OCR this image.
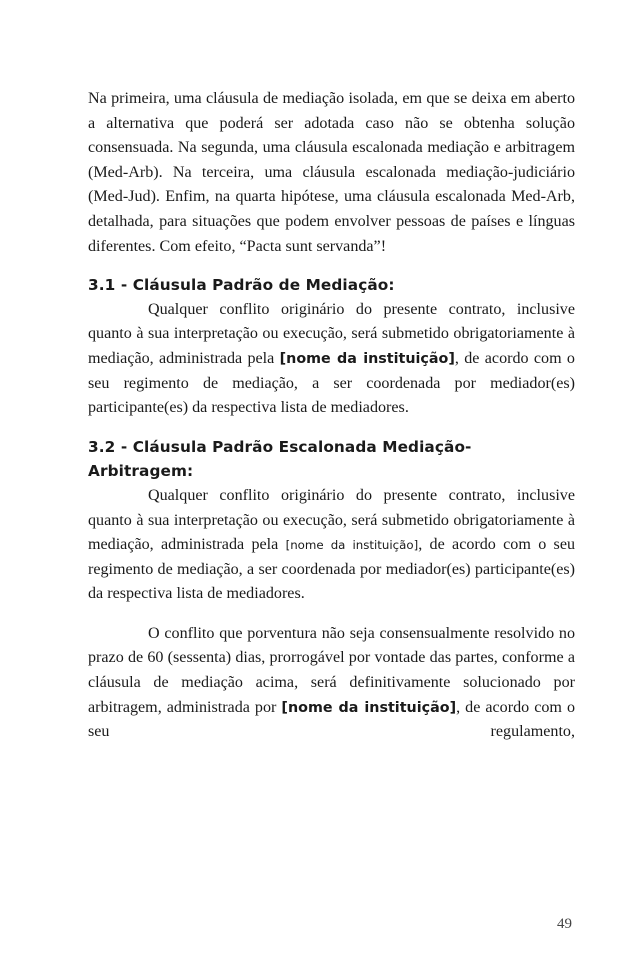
Na primeira, uma cláusula de mediação isolada, em que se deixa em aberto a alternativa que poderá ser adotada caso não se obtenha solução consensuada. Na segunda, uma cláusula escalonada mediação e arbitragem (Med-Arb). Na terceira, uma cláusula escalonada mediação-judiciário (Med-Jud). Enfim, na quarta hipótese, uma cláusula escalonada Med-Arb, detalhada, para situações que podem envolver pessoas de países e línguas diferentes. Com efeito, “Pacta sunt servanda”!

3.1 - Cláusula Padrão de Mediação:

Qualquer conflito originário do presente contrato, inclusive quanto à sua interpretação ou execução, será submetido obrigatoriamente à mediação, administrada pela [nome da instituição], de acordo com o seu regimento de mediação, a ser coordenada por mediador(es) participante(es) da respectiva lista de mediadores.

3.2 - Cláusula Padrão Escalonada Mediação-Arbitragem:

Qualquer conflito originário do presente contrato, inclusive quanto à sua interpretação ou execução, será submetido obrigatoriamente à mediação, administrada pela [nome da instituição], de acordo com o seu regimento de mediação, a ser coordenada por mediador(es) participante(es) da respectiva lista de mediadores.

O conflito que porventura não seja consensualmente resolvido no prazo de 60 (sessenta) dias, prorrogável por vontade das partes, conforme a cláusula de mediação acima, será definitivamente solucionado por arbitragem, administrada por [nome da instituição], de acordo com o seu regulamento,

49
